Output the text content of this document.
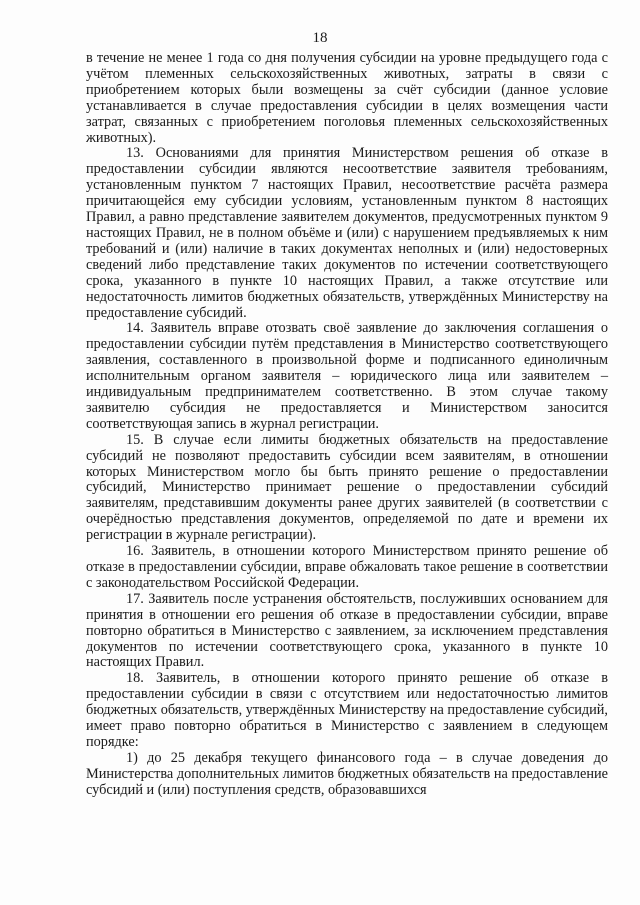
18

в течение не менее 1 года со дня получения субсидии на уровне предыдущего года с учётом племенных сельскохозяйственных животных, затраты в связи с приобретением которых были возмещены за счёт субсидии (данное условие устанавливается в случае предоставления субсидии в целях возмещения части затрат, связанных с приобретением поголовья племенных сельскохозяйственных животных).

13. Основаниями для принятия Министерством решения об отказе в предоставлении субсидии являются несоответствие заявителя требованиям, установленным пунктом 7 настоящих Правил, несоответствие расчёта размера причитающейся ему субсидии условиям, установленным пунктом 8 настоящих Правил, а равно представление заявителем документов, предусмотренных пунктом 9 настоящих Правил, не в полном объёме и (или) с нарушением предъявляемых к ним требований и (или) наличие в таких документах неполных и (или) недостоверных сведений либо представление таких документов по истечении соответствующего срока, указанного в пункте 10 настоящих Правил, а также отсутствие или недостаточность лимитов бюджетных обязательств, утверждённых Министерству на предоставление субсидий.

14. Заявитель вправе отозвать своё заявление до заключения соглашения о предоставлении субсидии путём представления в Министерство соответствующего заявления, составленного в произвольной форме и подписанного единоличным исполнительным органом заявителя – юридического лица или заявителем – индивидуальным предпринимателем соответственно. В этом случае такому заявителю субсидия не предоставляется и Министерством заносится соответствующая запись в журнал регистрации.

15. В случае если лимиты бюджетных обязательств на предоставление субсидий не позволяют предоставить субсидии всем заявителям, в отношении которых Министерством могло бы быть принято решение о предоставлении субсидий, Министерство принимает решение о предоставлении субсидий заявителям, представившим документы ранее других заявителей (в соответствии с очерёдностью представления документов, определяемой по дате и времени их регистрации в журнале регистрации).

16. Заявитель, в отношении которого Министерством принято решение об отказе в предоставлении субсидии, вправе обжаловать такое решение в соответствии с законодательством Российской Федерации.

17. Заявитель после устранения обстоятельств, послуживших основанием для принятия в отношении его решения об отказе в предоставлении субсидии, вправе повторно обратиться в Министерство с заявлением, за исключением представления документов по истечении соответствующего срока, указанного в пункте 10 настоящих Правил.

18. Заявитель, в отношении которого принято решение об отказе в предоставлении субсидии в связи с отсутствием или недостаточностью лимитов бюджетных обязательств, утверждённых Министерству на предоставление субсидий, имеет право повторно обратиться в Министерство с заявлением в следующем порядке:

1) до 25 декабря текущего финансового года – в случае доведения до Министерства дополнительных лимитов бюджетных обязательств на предоставление субсидий и (или) поступления средств, образовавшихся
